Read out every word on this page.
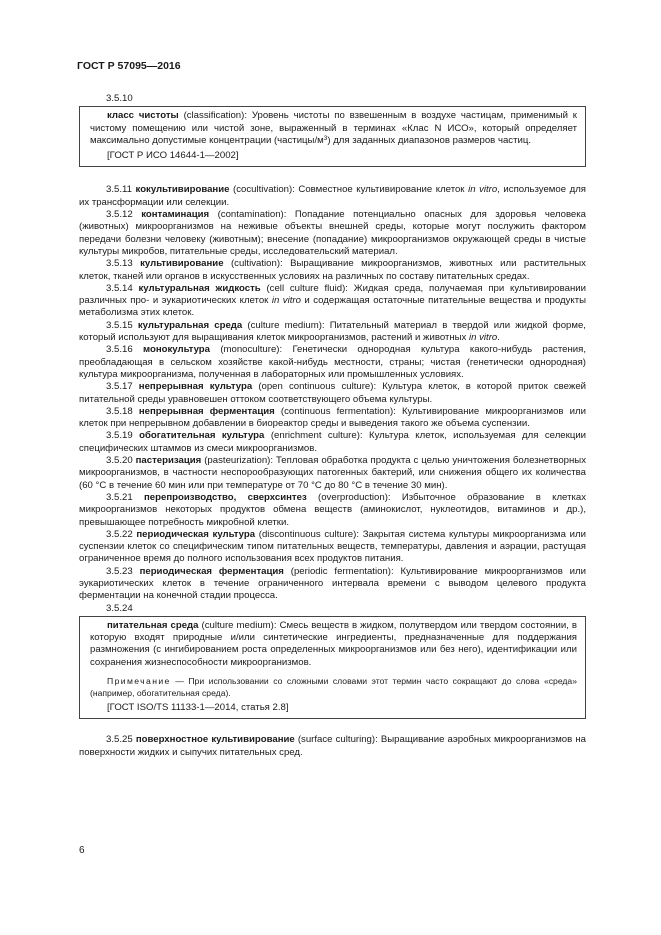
ГОСТ Р 57095—2016

3.5.10

класс чистоты (classification): Уровень чистоты по взвешенным в воздухе частицам, применимый к чистому помещению или чистой зоне, выраженный в терминах «Клас N ИСО», который определяет максимально допустимые концентрации $(частицы/м^3)$ для заданных диапазонов размеров частиц.

[ГОСТ Р ИСО 14644-1—2002]

3.5.11 кокультивирование (cocultivation): Совместное культивирование клеток in vitro, используемое для их трансформации или селекции.

3.5.12 контаминация (contamination): Попадание потенциально опасных для здоровья человека (животных) микроорганизмов на неживые объекты внешней среды, которые могут послужить фактором передачи болезни человеку (животным); внесение (попадание) микроорганизмов окружающей среды в чистые культуры микробов, питательные среды, исследовательский материал.

3.5.13 культивирование (cultivation): Выращивание микроорганизмов, животных или растительных клеток, тканей или органов в искусственных условиях на различных по составу питательных средах.

3.5.14 культуральная жидкость (cell culture fluid): Жидкая среда, получаемая при культивировании различных про- и эукариотических клеток in vitro и содержащая остаточные питательные вещества и продукты метаболизма этих клеток.

3.5.15 культуральная среда (culture medium): Питательный материал в твердой или жидкой форме, который используют для выращивания клеток микроорганизмов, растений и животных in vitro.

3.5.16 монокультура (monoculture): Генетически однородная культура какого-нибудь растения, преобладающая в сельском хозяйстве какой-нибудь местности, страны; чистая (генетически однородная) культура микроорганизма, полученная в лабораторных или промышленных условиях.

3.5.17 непрерывная культура (open continuous culture): Культура клеток, в которой приток свежей питательной среды уравновешен оттоком соответствующего объема культуры.

3.5.18 непрерывная ферментация (continuous fermentation): Культивирование микроорганизмов или клеток при непрерывном добавлении в биореактор среды и выведения такого же объема суспензии.

3.5.19 обогатительная культура (enrichment culture): Культура клеток, используемая для селекции специфических штаммов из смеси микроорганизмов.

3.5.20 пастеризация (pasteurization): Тепловая обработка продукта с целью уничтожения болезнетворных микроорганизмов, в частности неспорообразующих патогенных бактерий, или снижения общего их количества (60 °С в течение 60 мин или при температуре от 70 °С до 80 °С в течение 30 мин).

3.5.21 перепроизводство, сверхсинтез (overproduction): Избыточное образование в клетках микроорганизмов некоторых продуктов обмена веществ (аминокислот, нуклеотидов, витаминов и др.), превышающее потребность микробной клетки.

3.5.22 периодическая культура (discontinuous culture): Закрытая система культуры микроорганизма или суспензии клеток со специфическим типом питательных веществ, температуры, давления и аэрации, растущая ограниченное время до полного использования всех продуктов питания.

3.5.23 периодическая ферментация (periodic fermentation): Культивирование микроорганизмов или эукариотических клеток в течение ограниченного интервала времени с выводом целевого продукта ферментации на конечной стадии процесса.

3.5.24

питательная среда (culture medium): Смесь веществ в жидком, полутвердом или твердом состоянии, в которую входят природные и/или синтетические ингредиенты, предназначенные для поддержания размножения (с ингибированием роста определенных микроорганизмов или без него), идентификации или сохранения жизнеспособности микроорганизмов.

Примечание — При использовании со сложными словами этот термин часто сокращают до слова «среда» (например, обогатительная среда).

[ГОСТ ISO/TS 11133-1—2014, статья 2.8]

3.5.25 поверхностное культивирование (surface culturing): Выращивание аэробных микроорганизмов на поверхности жидких и сыпучих питательных сред.

6
